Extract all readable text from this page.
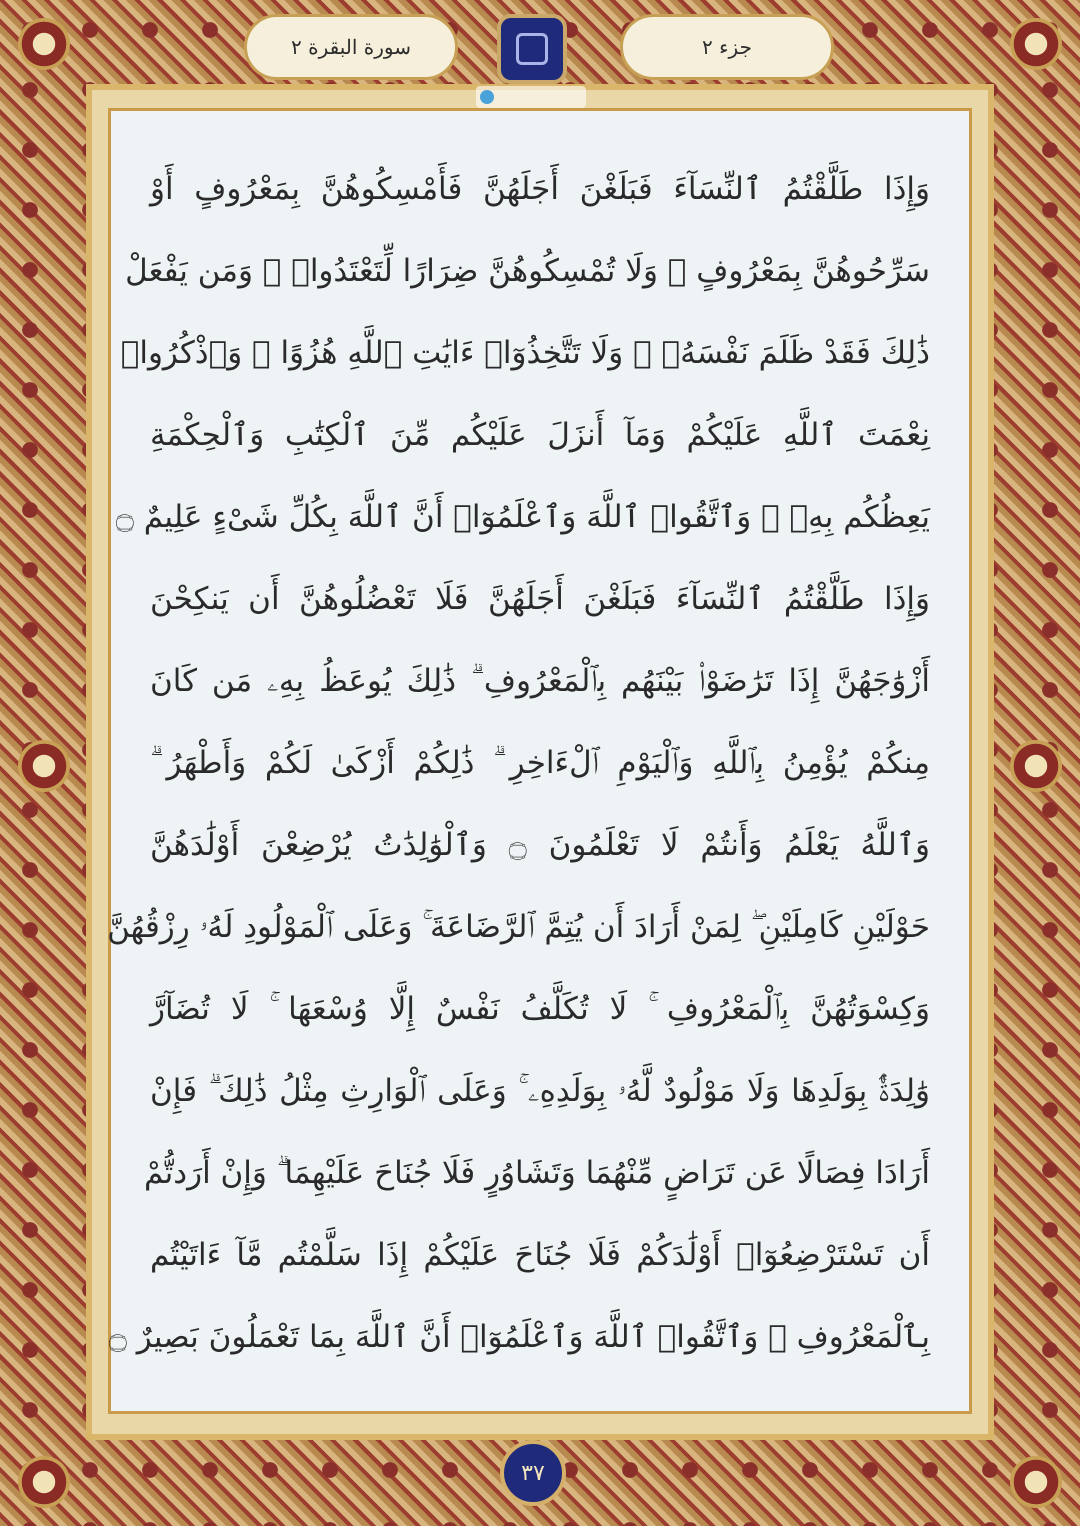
سورة البقرة ٢	جزء ٢
وَإِذَا طَلَّقْتُمُ ٱلنِّسَآءَ فَبَلَغْنَ أَجَلَهُنَّ فَأَمْسِكُوهُنَّ بِمَعْرُوفٍ أَوْ
سَرِّحُوهُنَّ بِمَعْرُوفٍ ۚ وَلَا تُمْسِكُوهُنَّ ضِرَارًا لِّتَعْتَدُوا۟ ۚ وَمَن يَفْعَلْ
ذَٰلِكَ فَقَدْ ظَلَمَ نَفْسَهُۥ ۚ وَلَا تَتَّخِذُوٓا۟ ءَايَٰتِ ٱللَّهِ هُزُوًا ۚ وَٱذْكُرُوا۟
نِعْمَتَ ٱللَّهِ عَلَيْكُمْ وَمَآ أَنزَلَ عَلَيْكُم مِّنَ ٱلْكِتَٰبِ وَٱلْحِكْمَةِ
يَعِظُكُم بِهِۦ ۚ وَٱتَّقُوا۟ ٱللَّهَ وَٱعْلَمُوٓا۟ أَنَّ ٱللَّهَ بِكُلِّ شَىْءٍ عَلِيمٌ ۝
وَإِذَا طَلَّقْتُمُ ٱلنِّسَآءَ فَبَلَغْنَ أَجَلَهُنَّ فَلَا تَعْضُلُوهُنَّ أَن يَنكِحْنَ
أَزْوَٰجَهُنَّ إِذَا تَرَٰضَوْا۟ بَيْنَهُم بِٱلْمَعْرُوفِ ۗ ذَٰلِكَ يُوعَظُ بِهِۦ مَن كَانَ
مِنكُمْ يُؤْمِنُ بِٱللَّهِ وَٱلْيَوْمِ ٱلْءَاخِرِ ۗ ذَٰلِكُمْ أَزْكَىٰ لَكُمْ وَأَطْهَرُ ۗ
وَٱللَّهُ يَعْلَمُ وَأَنتُمْ لَا تَعْلَمُونَ ۝ وَٱلْوَٰلِدَٰتُ يُرْضِعْنَ أَوْلَٰدَهُنَّ
حَوْلَيْنِ كَامِلَيْنِ ۖ لِمَنْ أَرَادَ أَن يُتِمَّ ٱلرَّضَاعَةَ ۚ وَعَلَى ٱلْمَوْلُودِ لَهُۥ رِزْقُهُنَّ
وَكِسْوَتُهُنَّ بِٱلْمَعْرُوفِ ۚ لَا تُكَلَّفُ نَفْسٌ إِلَّا وُسْعَهَا ۚ لَا تُضَآرَّ
وَٰلِدَةٌۢ بِوَلَدِهَا وَلَا مَوْلُودٌ لَّهُۥ بِوَلَدِهِۦ ۚ وَعَلَى ٱلْوَارِثِ مِثْلُ ذَٰلِكَ ۗ فَإِنْ
أَرَادَا فِصَالًا عَن تَرَاضٍ مِّنْهُمَا وَتَشَاوُرٍ فَلَا جُنَاحَ عَلَيْهِمَا ۗ وَإِنْ أَرَدتُّمْ
أَن تَسْتَرْضِعُوٓا۟ أَوْلَٰدَكُمْ فَلَا جُنَاحَ عَلَيْكُمْ إِذَا سَلَّمْتُم مَّآ ءَاتَيْتُم
بِٱلْمَعْرُوفِ ۗ وَٱتَّقُوا۟ ٱللَّهَ وَٱعْلَمُوٓا۟ أَنَّ ٱللَّهَ بِمَا تَعْمَلُونَ بَصِيرٌ ۝
٣٧
